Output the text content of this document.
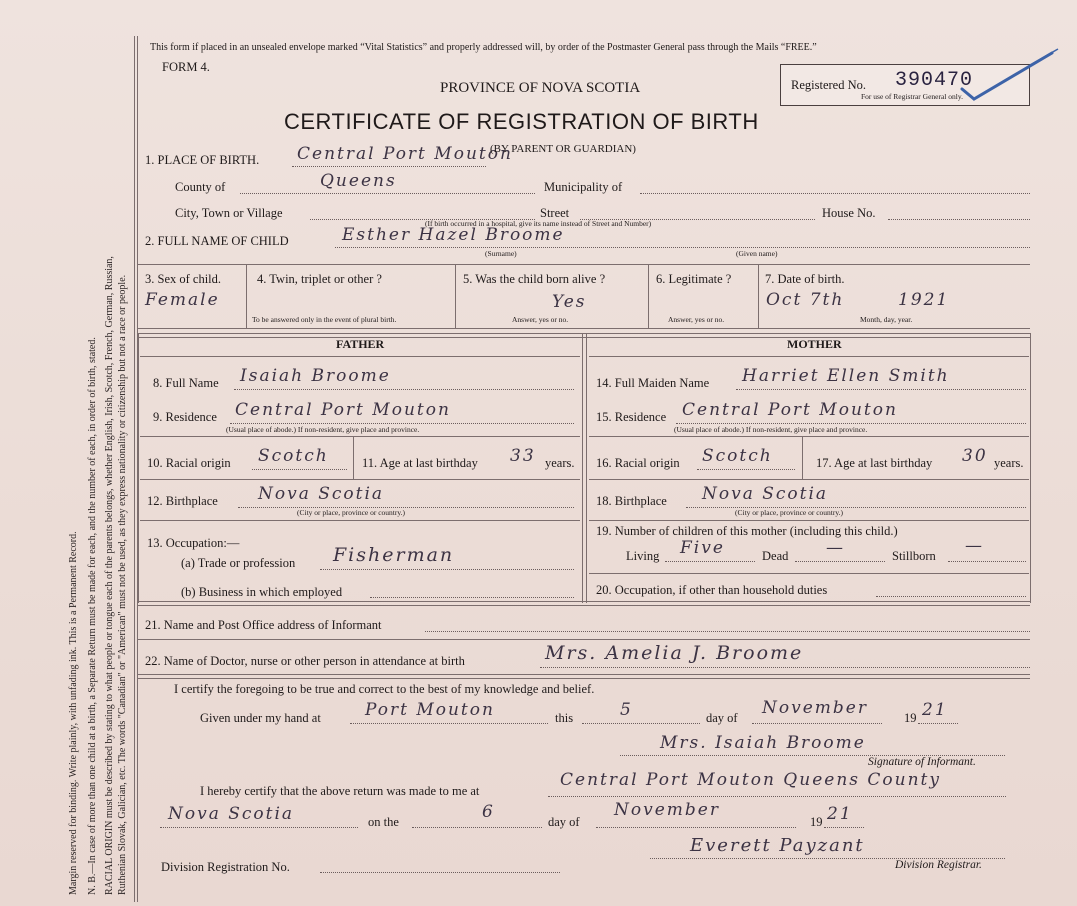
Margin reserved for binding. Write plainly, with unfading ink. This is a Permanent Record. N. B.—In case of more than one child at a birth, a Separate Return must be made for each, and the number of each, in order of birth, stated. RACIAL ORIGIN must be described by stating to what people or tongue each of the parents belongs, whether English, Irish, Scotch, French, German, Russian, Ruthenian Slovak, Galician, etc. The words "Canadian" or "American" must not be used, as they express nationality or citizenship but not a race or people.
This form if placed in an unsealed envelope marked “Vital Statistics” and properly addressed will, by order of the Postmaster General pass through the Mails “FREE.”
FORM 4.
PROVINCE OF NOVA SCOTIA
CERTIFICATE OF REGISTRATION OF BIRTH
Registered No. 390470
For use of Registrar General only.
1. PLACE OF BIRTH. Central Port Mouton
(BY PARENT OR GUARDIAN)
County of	Queens	Municipality of
City, Town or Village	Street	House No.
(If birth occurred in a hospital, give its name instead of Street and Number)
2. FULL NAME OF CHILD	Esther Hazel Broome
(Surname)	(Given name)
3. Sex of child.
Female
4. Twin, triplet or other ?
To be answered only in the event of plural birth.
5. Was the child born alive ?
Yes
Answer, yes or no.
6. Legitimate ?
Answer, yes or no.
7. Date of birth.
Oct 7th	1921
Month, day, year.
FATHER	MOTHER
8. Full Name Isaiah Broome
9. Residence Central Port Mouton
(Usual place of abode.) If non-resident, give place and province.
10. Racial origin Scotch	11. Age at last birthday 33 years.
12. Birthplace Nova Scotia
(City or place, province or country.)
13. Occupation:—
(a) Trade or profession Fisherman
(b) Business in which employed
14. Full Maiden Name Harriet Ellen Smith
15. Residence Central Port Mouton
(Usual place of abode.) If non-resident, give place and province.
16. Racial origin Scotch	17. Age at last birthday 30 years.
18. Birthplace Nova Scotia
(City or place, province or country.)
19. Number of children of this mother (including this child.)
Living Five	Dead —	Stillborn —
20. Occupation, if other than household duties
21. Name and Post Office address of Informant
22. Name of Doctor, nurse or other person in attendance at birth	Mrs. Amelia J. Broome
I certify the foregoing to be true and correct to the best of my knowledge and belief.
Given under my hand at	Port Mouton	this	5	day of November	19 21
Mrs. Isaiah Broome
Signature of Informant.
I hereby certify that the above return was made to me at
Central Port Mouton Queens County
Nova Scotia	on the	6	day of
November
19 21
Everett Payzant
Division Registration No.	Division Registrar.
